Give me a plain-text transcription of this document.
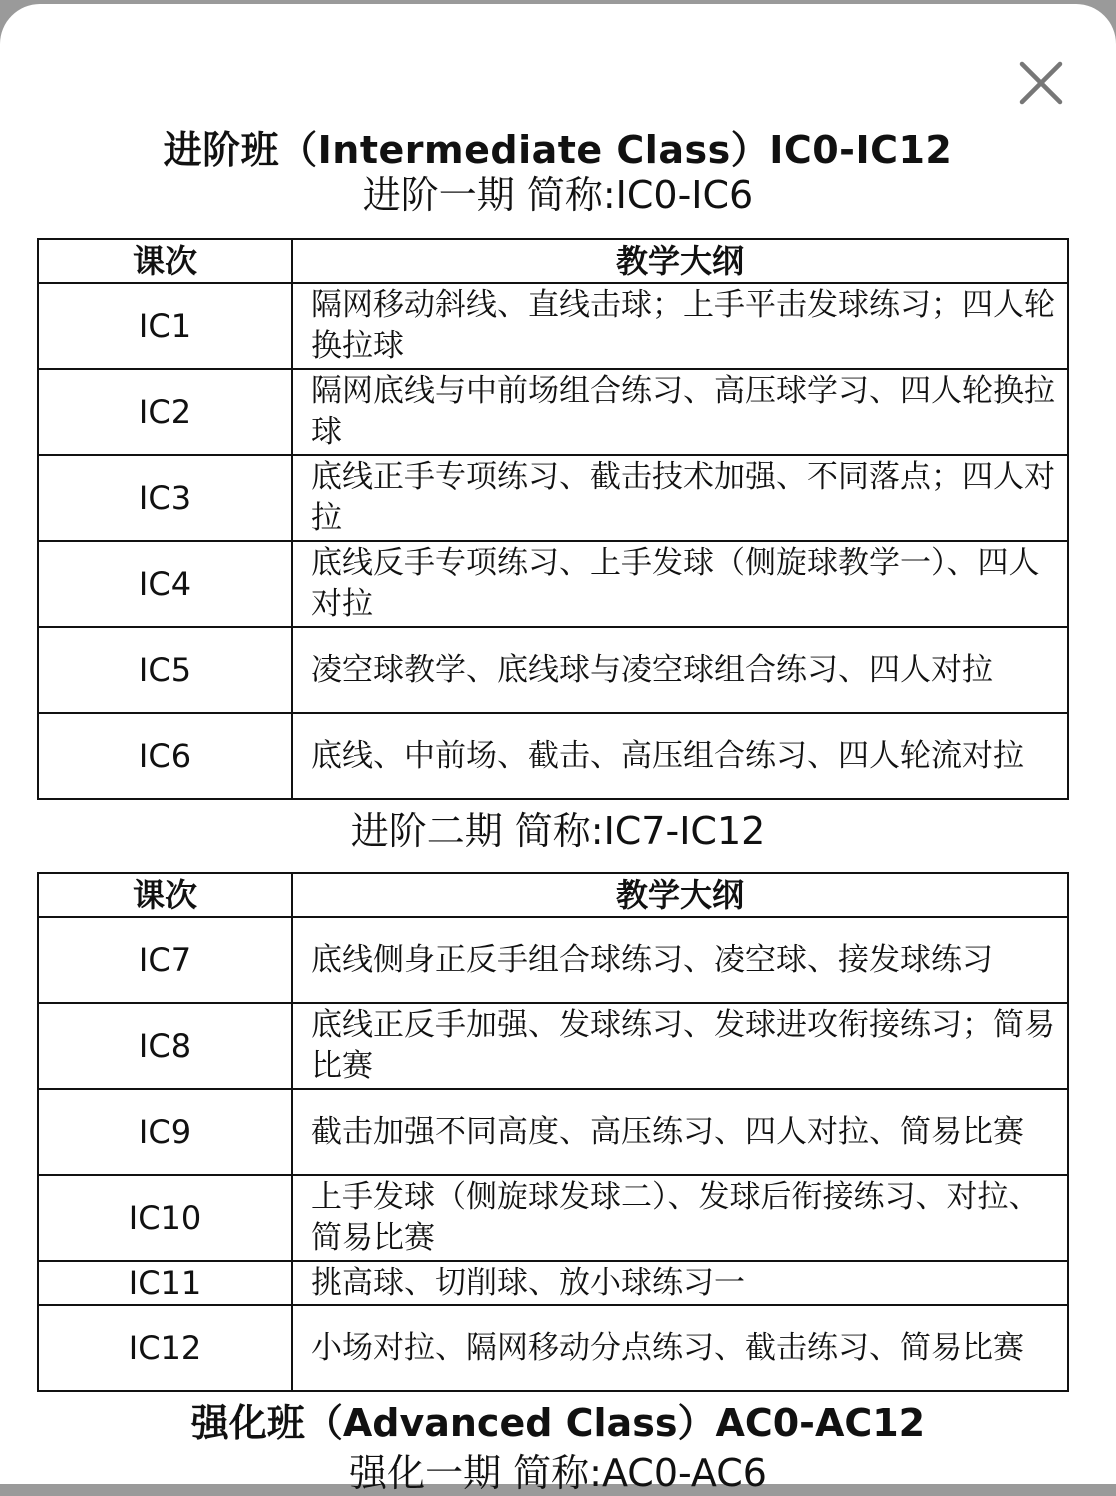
进阶班（Intermediate Class）IC0-IC12
进阶一期 简称:IC0-IC6
课次	教学大纲
IC1	隔网移动斜线、直线击球；上手平击发球练习；四人轮换拉球
IC2	隔网底线与中前场组合练习、高压球学习、四人轮换拉球
IC3	底线正手专项练习、截击技术加强、不同落点；四人对拉
IC4	底线反手专项练习、上手发球（侧旋球教学一）、四人对拉
IC5	凌空球教学、底线球与凌空球组合练习、四人对拉
IC6	底线、中前场、截击、高压组合练习、四人轮流对拉
进阶二期 简称:IC7-IC12
课次	教学大纲
IC7	底线侧身正反手组合球练习、凌空球、接发球练习
IC8	底线正反手加强、发球练习、发球进攻衔接练习；简易比赛
IC9	截击加强不同高度、高压练习、四人对拉、简易比赛
IC10	上手发球（侧旋球发球二）、发球后衔接练习、对拉、简易比赛
IC11	挑高球、切削球、放小球练习一
IC12	小场对拉、隔网移动分点练习、截击练习、简易比赛
强化班（Advanced Class）AC0-AC12
强化一期 简称:AC0-AC6
